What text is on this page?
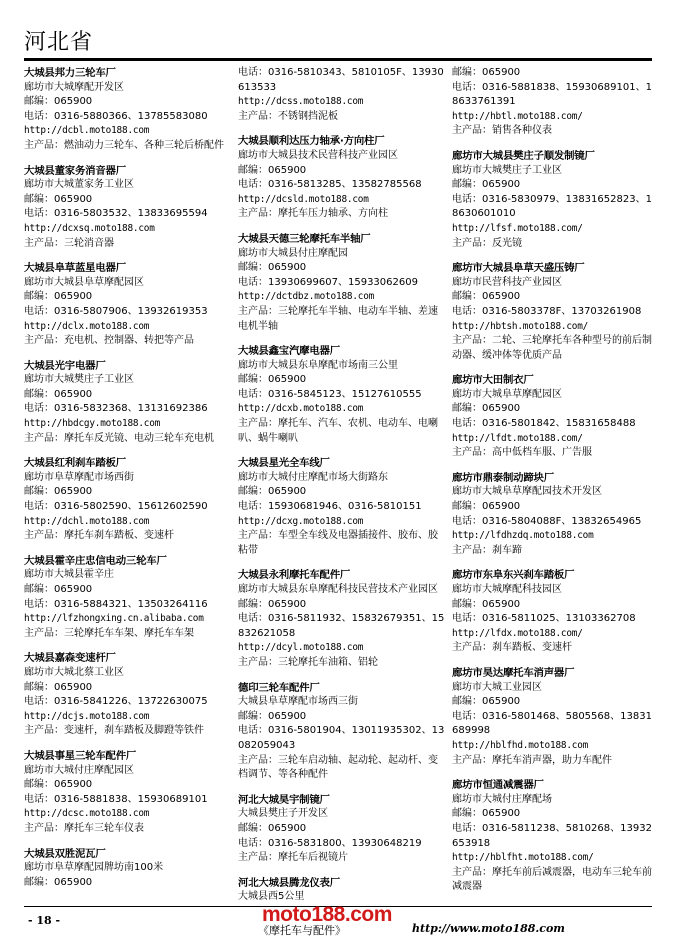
河北省
大城县邦力三轮车厂
廊坊市大城摩配开发区
邮编：065900
电话：0316-5880366、13785583080
http://dcbl.moto188.com
主产品：燃油动力三轮车、各种三轮后桥配件
大城县董家务消音器厂
廊坊市大城董家务工业区
邮编：065900
电话：0316-5803532、13833695594
http://dcxsq.moto188.com
主产品：三轮消音器
大城县阜草蓝星电器厂
廊坊市大城县阜草摩配园区
邮编：065900
电话：0316-5807906、13932619353
http://dclx.moto188.com
主产品：充电机、控制器、转把等产品
大城县光宇电器厂
廊坊市大城樊庄子工业区
邮编：065900
电话：0316-5832368、13131692386
http://hbdcgy.moto188.com
主产品：摩托车反光镜、电动三轮车充电机
大城县红利刹车踏板厂
廊坊市阜草摩配市场西街
邮编：065900
电话：0316-5802590、15612602590
http://dchl.moto188.com
主产品：摩托车刹车踏板、变速杆
大城县霍辛庄忠信电动三轮车厂
廊坊市大城县霍辛庄
邮编：065900
电话：0316-5884321、13503264116
http://lfzhongxing.cn.alibaba.com
主产品：三轮摩托车车架、摩托车车架
大城县嘉森变速杆厂
廊坊市大城北蔡工业区
邮编：065900
电话：0316-5841226、13722630075
http://dcjs.moto188.com
主产品：变速杆，刹车踏板及脚蹬等铁件
大城县事星三轮车配件厂
廊坊市大城付庄摩配园区
邮编：065900
电话：0316-5881838、15930689101
http://dcsc.moto188.com
主产品：摩托车三轮车仪表
大城县双胜泥瓦厂
廊坊市阜草摩配园牌坊南100米
邮编：065900
电话：0316-5810343、5810105F、13930613533
http://dcss.moto188.com
主产品：不锈钢挡泥板
大城县顺利达压力轴承·方向柱厂
廊坊市大城县技术民营科技产业园区
邮编：065900
电话：0316-5813285、13582785568
http://dcsld.moto188.com
主产品：摩托车压力轴承、方向柱
大城县天德三轮摩托车半轴厂
廊坊市大城县付庄摩配园
邮编：065900
电话：13930699607、15933062609
http://dctdbz.moto188.com
主产品：三轮摩托车半轴、电动车半轴、差速电机半轴
大城县鑫宝汽摩电器厂
廊坊市大城县东阜摩配市场南三公里
邮编：065900
电话：0316-5845123、15127610555
http://dcxb.moto188.com
主产品：摩托车、汽车、农机、电动车、电喇叭、蜗牛喇叭
大城县星光全车线厂
廊坊市大城付庄摩配市场大街路东
邮编：065900
电话：15930681946、0316-5810151
http://dcxg.moto188.com
主产品：车型全车线及电器插接件、胶布、胶粘带
大城县永利摩托车配件厂
廊坊市大城县东阜摩配科技民营技术产业园区
邮编：065900
电话：0316-5811932、15832679351、15832621058
http://dcyl.moto188.com
主产品：三轮摩托车油箱、铝轮
德印三轮车配件厂
大城县阜草摩配市场西三街
邮编：065900
电话：0316-5801904、13011935302、13082059043
主产品：三轮车启动轴、起动轮、起动杆、变档调节、等各种配件
河北大城昊宇制镜厂
大城县樊庄子开发区
邮编：065900
电话：0316-5831800、13930648219
主产品：摩托车后视镜片
河北大城县腾龙仪表厂
大城县西5公里
邮编：065900
电话：0316-5881838、15930689101、18633761391
http://hbtl.moto188.com/
主产品：销售各种仪表
廊坊市大城县樊庄子顺发制镜厂
廊坊市大城樊庄子工业区
邮编：065900
电话：0316-5830979、13831652823、18630601010
http://lfsf.moto188.com/
主产品：反光镜
廊坊市大城县阜草天盛压铸厂
廊坊市民营科技产业园区
邮编：065900
电话：0316-5803378F、13703261908
http://hbtsh.moto188.com/
主产品：二轮、三轮摩托车各种型号的前后制动器、缓冲体等优质产品
廊坊市大田制衣厂
廊坊市大城阜草摩配园区
邮编：065900
电话：0316-5801842、15831658488
http://lfdt.moto188.com/
主产品：高中低档车服、广告服
廊坊市鼎泰制动蹄块厂
廊坊市大城阜草摩配园技术开发区
邮编：065900
电话：0316-5804088F、13832654965
http://lfdhzdq.moto188.com
主产品：刹车蹄
廊坊市东阜东兴刹车踏板厂
廊坊市大城摩配科技园区
邮编：065900
电话：0316-5811025、13103362708
http://lfdx.moto188.com/
主产品：刹车踏板、变速杆
廊坊市昊达摩托车消声器厂
廊坊市大城工业园区
邮编：065900
电话：0316-5801468、5805568、13831689998
http://hblfhd.moto188.com
主产品：摩托车消声器，助力车配件
廊坊市恒通减震器厂
廊坊市大城付庄摩配场
邮编：065900
电话：0316-5811238、5810268、13932653918
http://hblfht.moto188.com/
主产品：摩托车前后减震器，电动车三轮车前减震器
- 18 -	moto188.com
《摩托车与配件》	http://www.moto188.com
